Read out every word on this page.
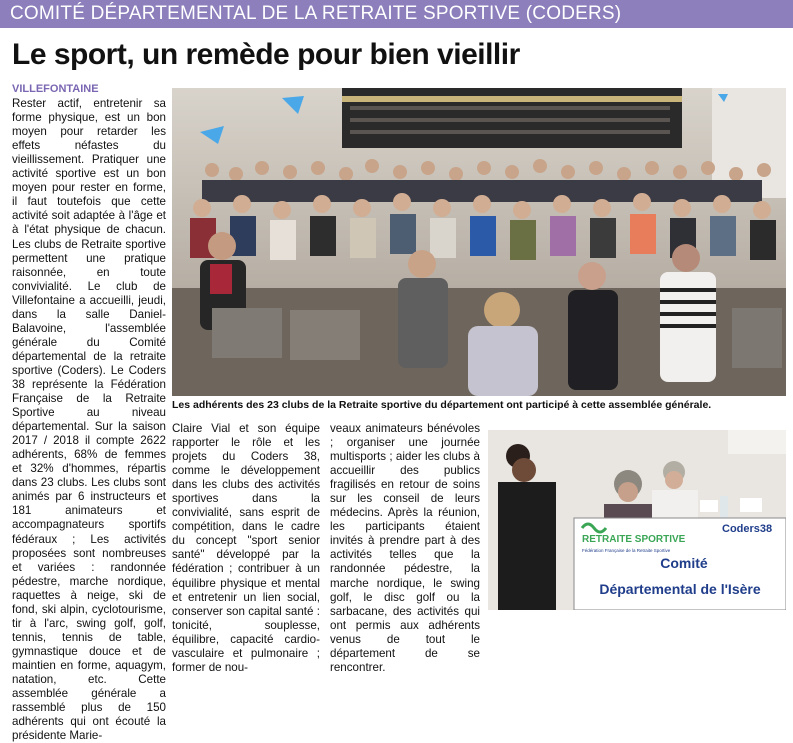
COMITÉ DÉPARTEMENTAL DE LA RETRAITE SPORTIVE (CODERS)
Le sport, un remède pour bien vieillir
VILLEFONTAINE

Rester actif, entretenir sa forme physique, est un bon moyen pour retarder les effets néfastes du vieillissement. Pratiquer une activité sportive est un bon moyen pour rester en forme, il faut toutefois que cette activité soit adaptée à l'âge et à l'état physique de chacun. Les clubs de Retraite sportive permettent une pratique raisonnée, en toute convivialité. Le club de Villefontaine a accueilli, jeudi, dans la salle Daniel-Balavoine, l'assemblée générale du Comité départemental de la retraite sportive (Coders). Le Coders 38 représente la Fédération Française de la Retraite Sportive au niveau départemental. Sur la saison 2017 / 2018 il compte 2622 adhérents, 68% de femmes et 32% d'hommes, répartis dans 23 clubs. Les clubs sont animés par 6 instructeurs et 181 animateurs et accompagnateurs sportifs fédéraux ; Les activités proposées sont nombreuses et variées : randonnée pédestre, marche nordique, raquettes à neige, ski de fond, ski alpin, cyclotourisme, tir à l'arc, swing golf, golf, tennis, tennis de table, gymnastique douce et de maintien en forme, aquagym, natation, etc. Cette assemblée générale a rassemblé plus de 150 adhérents qui ont écouté la présidente Marie-

Claire Vial et son équipe rapporter le rôle et les projets du Coders 38, comme le développement dans les clubs des activités sportives dans la convivialité, sans esprit de compétition, dans le cadre du concept "sport senior santé" développé par la fédération ; contribuer à un équilibre physique et mental et entretenir un lien social, conserver son capital santé : tonicité, souplesse, équilibre, capacité cardio-vasculaire et pulmonaire ; former de nou-

veaux animateurs bénévoles ; organiser une journée multisports ; aider les clubs à accueillir des publics fragilisés en retour de soins sur les conseil de leurs médecins. Après la réunion, les participants étaient invités à prendre part à des activités telles que la randonnée pédestre, la marche nordique, le swing golf, le disc golf ou la sarbacane, des activités qui ont permis aux adhérents venus de tout le département de se rencontrer.

Les adhérents des 23 clubs de la Retraite sportive du département ont participé à cette assemblée générale.
RETRAITE SPORTIVE
Fédération Française de la Retraite Sportive
Coders38
Comité
Départemental de l'Isère
